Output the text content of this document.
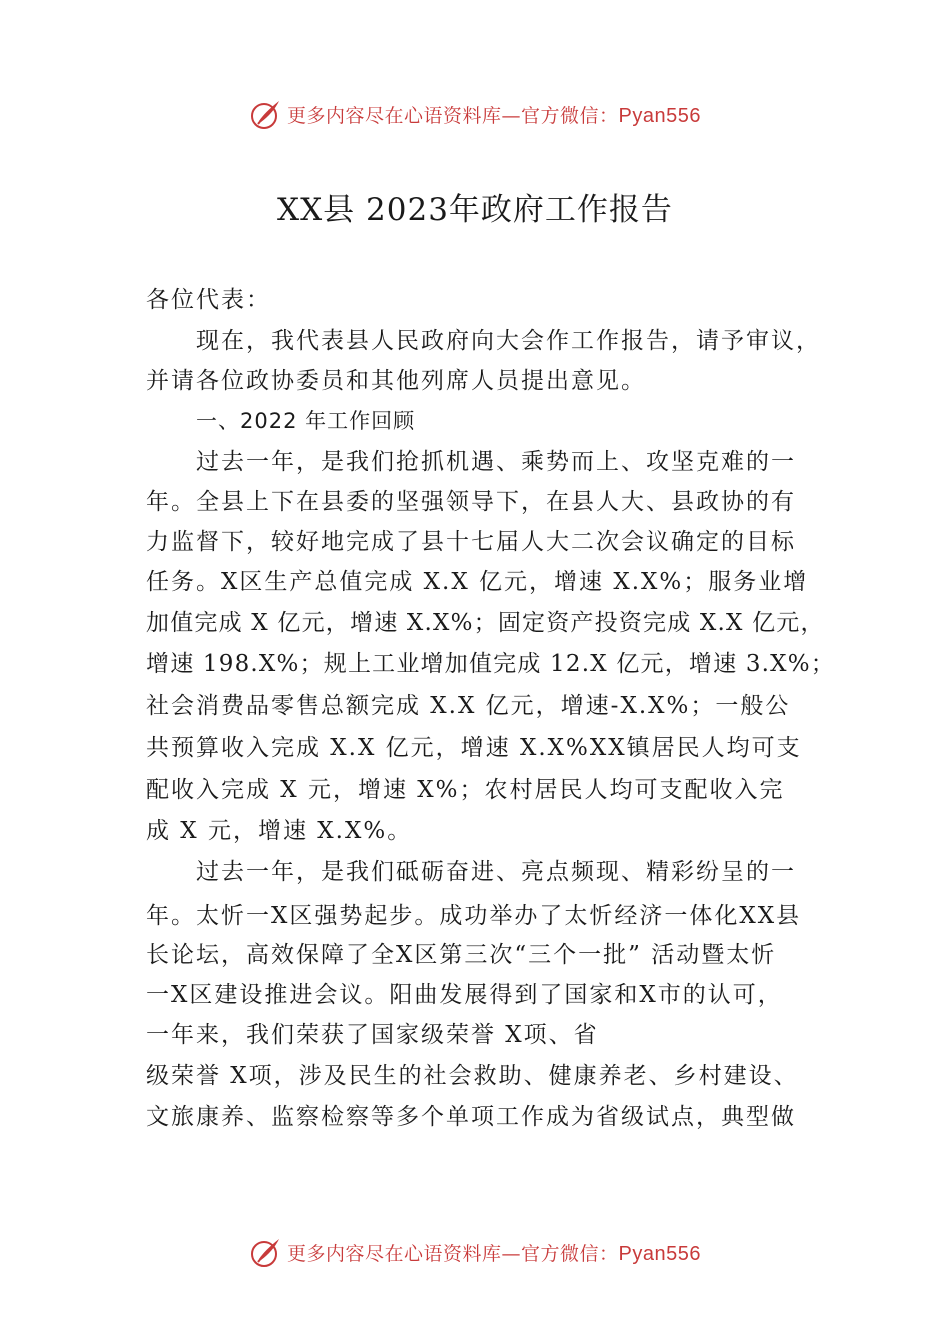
更多内容尽在心语资料库—官方微信：Pyan556
XX县 2023年政府工作报告
各位代表：
现在，我代表县人民政府向大会作工作报告，请予审议，
并请各位政协委员和其他列席人员提出意见。
一、2022 年工作回顾
过去一年，是我们抢抓机遇、乘势而上、攻坚克难的一
年。全县上下在县委的坚强领导下，在县人大、县政协的有
力监督下，较好地完成了县十七届人大二次会议确定的目标
任务。X区生产总值完成 X.X 亿元，增速 X.X%；服务业增
加值完成 X 亿元，增速 X.X%；固定资产投资完成 X.X 亿元，
增速 198.X%；规上工业增加值完成 12.X 亿元，增速 3.X%；
社会消费品零售总额完成 X.X 亿元，增速-X.X%；一般公
共预算收入完成 X.X 亿元，增速 X.X%XX镇居民人均可支
配收入完成 X 元，增速 X%；农村居民人均可支配收入完
成 X 元，增速 X.X%。
过去一年，是我们砥砺奋进、亮点频现、精彩纷呈的一
年。太忻一X区强势起步。成功举办了太忻经济一体化XX县
长论坛，高效保障了全X区第三次“三个一批” 活动暨太忻
一X区建设推进会议。阳曲发展得到了国家和X市的认可，
一年来，我们荣获了国家级荣誉 X项、省
级荣誉 X项，涉及民生的社会救助、健康养老、乡村建设、
文旅康养、监察检察等多个单项工作成为省级试点，典型做
更多内容尽在心语资料库—官方微信：Pyan556
